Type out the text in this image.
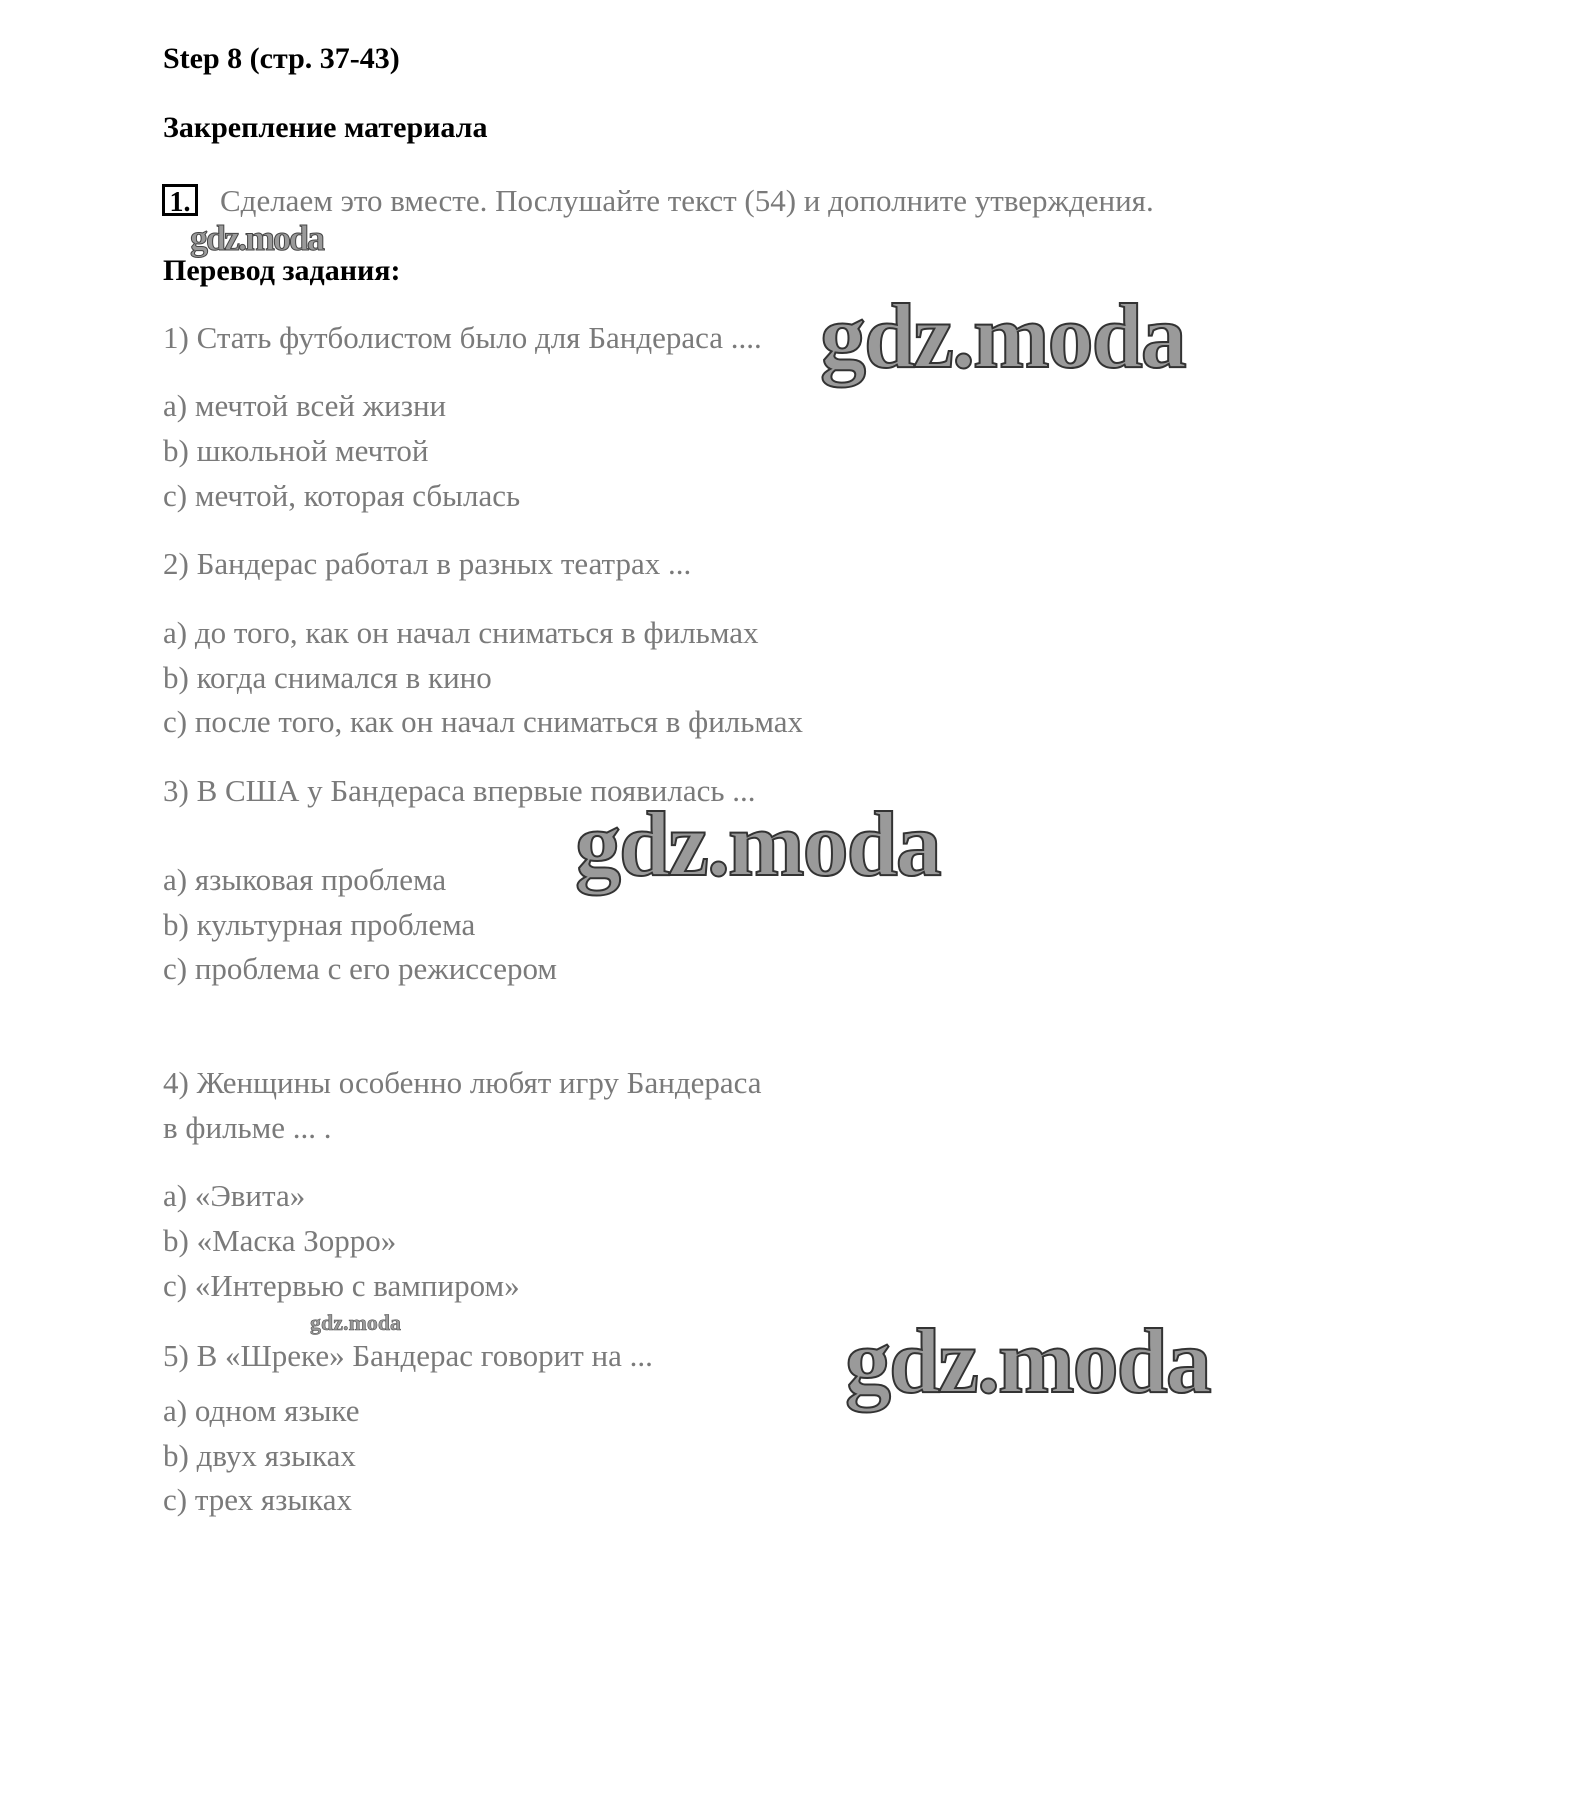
Step 8 (стр. 37-43)
Закрепление материала
1. Сделаем это вместе. Послушайте текст (54) и дополните утверждения.
gdz.moda
Перевод задания:
1) Стать футболистом было для Бандераса ....
a) мечтой всей жизни
b) школьной мечтой
c) мечтой, которая сбылась
2) Бандерас работал в разных театрах ...
a) до того, как он начал сниматься в фильмах
b) когда снимался в кино
c) после того, как он начал сниматься в фильмах
3) В США у Бандераса впервые появилась ...
a) языковая проблема
b) культурная проблема
c) проблема с его режиссером
4) Женщины особенно любят игру Бандераса
в фильме ... .
a) «Эвита»
b) «Маска Зорро»
c) «Интервью с вампиром»
gdz.moda
5) В «Шреке» Бандерас говорит на ...
a) одном языке
b) двух языках
c) трех языках
gdz.moda
gdz.moda
gdz.moda
